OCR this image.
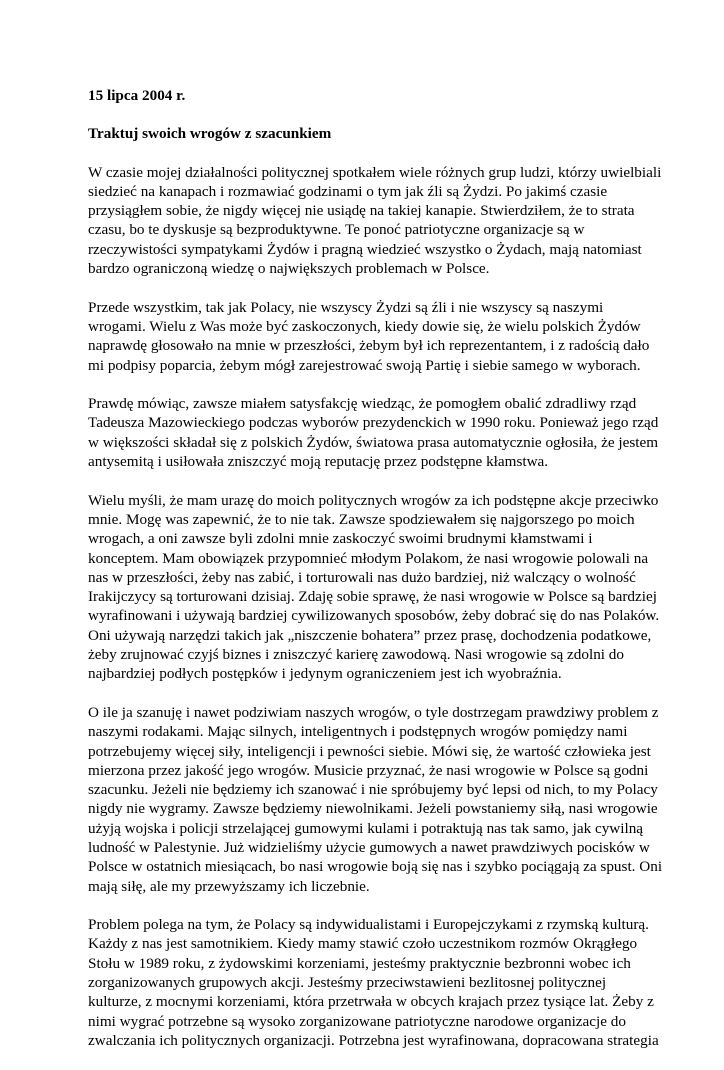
15 lipca 2004 r.
Traktuj swoich wrogów z szacunkiem
W czasie mojej działalności politycznej spotkałem wiele różnych grup ludzi, którzy uwielbiali
siedzieć na kanapach i rozmawiać godzinami o tym jak źli są Żydzi. Po jakimś czasie
przysiągłem sobie, że nigdy więcej nie usiądę na takiej kanapie. Stwierdziłem, że to strata
czasu, bo te dyskusje są bezproduktywne. Te ponoć patriotyczne organizacje są w
rzeczywistości sympatykami Żydów i pragną wiedzieć wszystko o Żydach, mają natomiast
bardzo ograniczoną wiedzę o największych problemach w Polsce.
Przede wszystkim, tak jak Polacy, nie wszyscy Żydzi są źli i nie wszyscy są naszymi
wrogami. Wielu z Was może być zaskoczonych, kiedy dowie się, że wielu polskich Żydów
naprawdę głosowało na mnie w przeszłości, żebym był ich reprezentantem, i z radością dało
mi podpisy poparcia, żebym mógł zarejestrować swoją Partię i siebie samego w wyborach.
Prawdę mówiąc, zawsze miałem satysfakcję wiedząc, że pomogłem obalić zdradliwy rząd
Tadeusza Mazowieckiego podczas wyborów prezydenckich w 1990 roku. Ponieważ jego rząd
w większości składał się z polskich Żydów, światowa prasa automatycznie ogłosiła, że jestem
antysemitą i usiłowała zniszczyć moją reputację przez podstępne kłamstwa.
Wielu myśli, że mam urazę do moich politycznych wrogów za ich podstępne akcje przeciwko
mnie. Mogę was zapewnić, że to nie tak. Zawsze spodziewałem się najgorszego po moich
wrogach, a oni zawsze byli zdolni mnie zaskoczyć swoimi brudnymi kłamstwami i
konceptem. Mam obowiązek przypomnieć młodym Polakom, że nasi wrogowie polowali na
nas w przeszłości, żeby nas zabić, i torturowali nas dużo bardziej, niż walczący o wolność
Irakijczycy są torturowani dzisiaj. Zdaję sobie sprawę, że nasi wrogowie w Polsce są bardziej
wyrafinowani i używają bardziej cywilizowanych sposobów, żeby dobrać się do nas Polaków.
Oni używają narzędzi takich jak „niszczenie bohatera” przez prasę, dochodzenia podatkowe,
żeby zrujnować czyjś biznes i zniszczyć karierę zawodową. Nasi wrogowie są zdolni do
najbardziej podłych postępków i jedynym ograniczeniem jest ich wyobraźnia.
O ile ja szanuję i nawet podziwiam naszych wrogów, o tyle dostrzegam prawdziwy problem z
naszymi rodakami. Mając silnych, inteligentnych i podstępnych wrogów pomiędzy nami
potrzebujemy więcej siły, inteligencji i pewności siebie. Mówi się, że wartość człowieka jest
mierzona przez jakość jego wrogów. Musicie przyznać, że nasi wrogowie w Polsce są godni
szacunku. Jeżeli nie będziemy ich szanować i nie spróbujemy być lepsi od nich, to my Polacy
nigdy nie wygramy. Zawsze będziemy niewolnikami. Jeżeli powstaniemy siłą, nasi wrogowie
użyją wojska i policji strzelającej gumowymi kulami i potraktują nas tak samo, jak cywilną
ludność w Palestynie. Już widzieliśmy użycie gumowych a nawet prawdziwych pocisków w
Polsce w ostatnich miesiącach, bo nasi wrogowie boją się nas i szybko pociągają za spust. Oni
mają siłę, ale my przewyższamy ich liczebnie.
Problem polega na tym, że Polacy są indywidualistami i Europejczykami z rzymską kulturą.
Każdy z nas jest samotnikiem. Kiedy mamy stawić czoło uczestnikom rozmów Okrągłego
Stołu w 1989 roku, z żydowskimi korzeniami, jesteśmy praktycznie bezbronni wobec ich
zorganizowanych grupowych akcji. Jesteśmy przeciwstawieni bezlitosnej politycznej
kulturze, z mocnymi korzeniami, która przetrwała w obcych krajach przez tysiące lat. Żeby z
nimi wygrać potrzebne są wysoko zorganizowane patriotyczne narodowe organizacje do
zwalczania ich politycznych organizacji. Potrzebna jest wyrafinowana, dopracowana strategia
